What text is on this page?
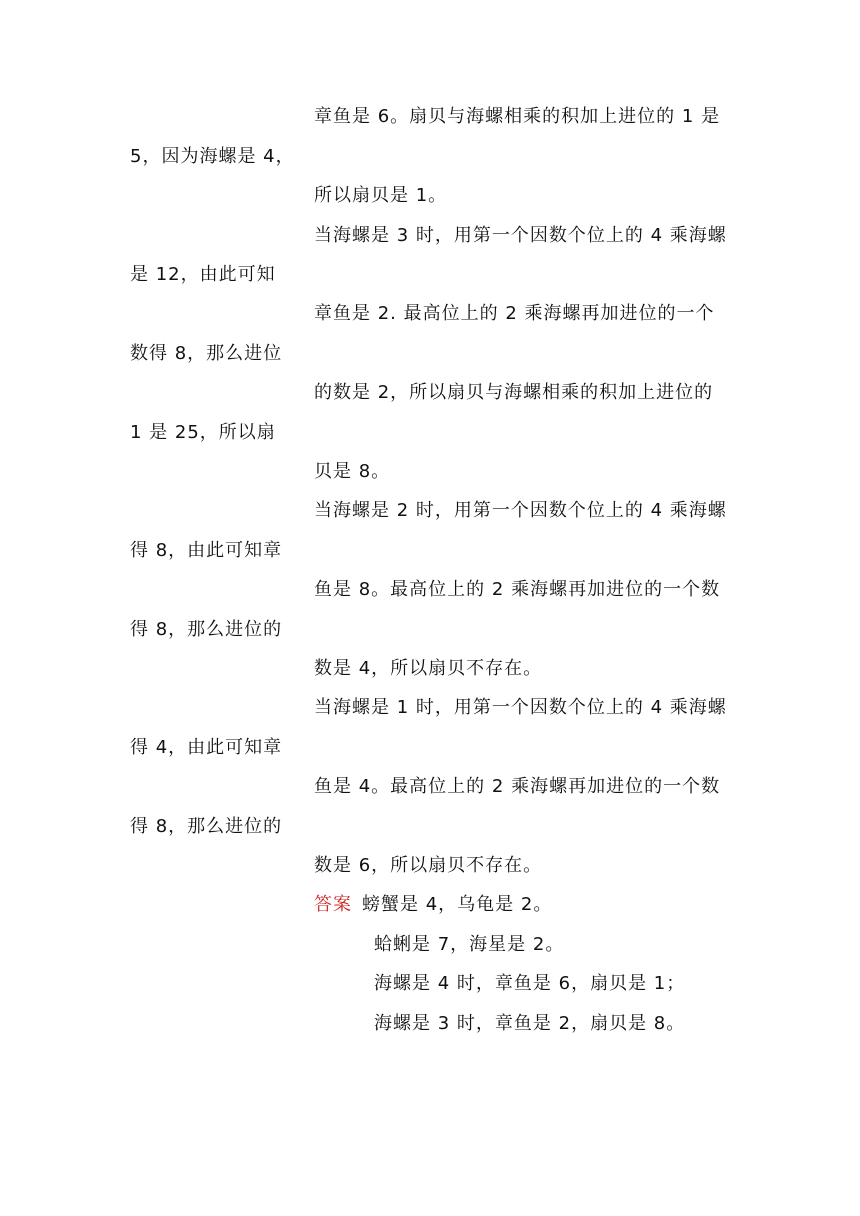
章鱼是 6。扇贝与海螺相乘的积加上进位的 1 是
5，因为海螺是 4，
所以扇贝是 1。
当海螺是 3 时，用第一个因数个位上的 4 乘海螺
是 12，由此可知
章鱼是 2. 最高位上的 2 乘海螺再加进位的一个
数得 8，那么进位
的数是 2，所以扇贝与海螺相乘的积加上进位的
1 是 25，所以扇
贝是 8。
当海螺是 2 时，用第一个因数个位上的 4 乘海螺
得 8，由此可知章
鱼是 8。最高位上的 2 乘海螺再加进位的一个数
得 8，那么进位的
数是 4，所以扇贝不存在。
当海螺是 1 时，用第一个因数个位上的 4 乘海螺
得 4，由此可知章
鱼是 4。最高位上的 2 乘海螺再加进位的一个数
得 8，那么进位的
数是 6，所以扇贝不存在。
答案 螃蟹是 4，乌龟是 2。
蛤蜊是 7，海星是 2。
海螺是 4 时，章鱼是 6，扇贝是 1；
海螺是 3 时，章鱼是 2，扇贝是 8。
